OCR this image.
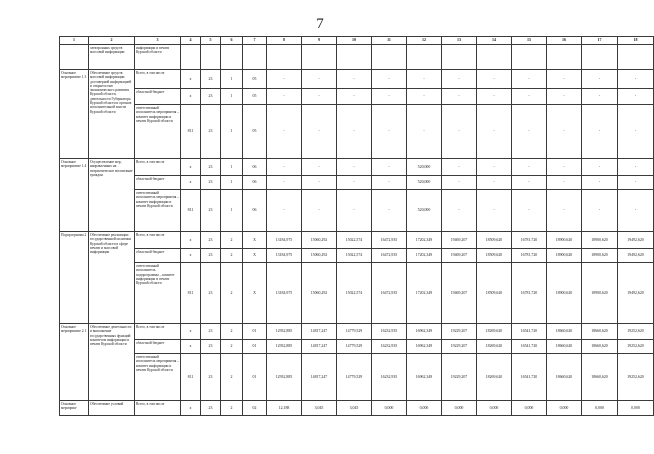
7
1	2	3	4	5	6	7	8	9	10	11	12	13	14	15	16	17	18
	электронных средств массовой информации	информации и печати Курской области															
Основное мероприятие 1.3	Обеспечение средств массовой информации достоверной информацией и открытостью экономического развития Курской области, деятельности Губернатора Курской области и органов исполнительной власти Курской области	Всего, в том числе	х	23	1	05	-	-	-	-	-	-	-	-	-	-	-
		областной бюджет	х	23	1	05	-	-	-	-	-	-	-	-	-	-	-
		ответственный исполнитель мероприятия – комитет информации и печати Курской области	811	23	1	05	-	-	-	-	-	-	-	-	-	-	-
Основное мероприятие 1.4	Осуществление мер, направленных на патриотическое воспитание граждан	Всего, в том числе	х	23	1	06	-	-	-	-	520,000	-	-	-	-	-	-
		областной бюджет	х	23	1	06	-	-	-	-	520,000	-	-	-	-	-	-
		ответственный исполнитель мероприятия – комитет информации и печати Курской области	811	23	1	06	-	-	-	-	520,000	-	-	-	-	-	-
Подпрограмма 2	Обеспечение реализации государственной политики Курской области в сфере печати и массовой информации	Всего, в том числе	х	23	2	Х	13184,975	15060,292	15022,574	16472,935	17202,349	19469,207	18509,620	16781,720	18900,620	18900,620	19492,620
		областной бюджет	х	23	2	Х	13184,975	15060,292	15022,574	16472,935	17202,349	19469,207	18509,620	16781,720	18900,620	18900,620	19492,620
		ответственный исполнитель подпрограммы – комитет информации и печати Курской области	811	23	2	Х	13184,975	15060,292	15022,574	16472,935	17202,349	19469,207	18509,620	16781,720	18900,620	18900,620	19492,620
Основное мероприятие 2.1	Обеспечение деятельности и выполнение государственных функций комитетом информации и печати Курской области	Всего, в том числе	х	23	2	01	12932,885	14817,247	14779,529	16232,935	16962,349	19229,207	18269,620	16541,720	18660,620	18660,620	19252,620
		областной бюджет	х	23	2	01	12932,885	14817,247	14779,529	16232,935	16962,349	19229,207	18269,620	16541,720	18660,620	18660,620	19252,620
		ответственный исполнитель мероприятия – комитет информации и печати Курской области	811	23	2	01	12932,885	14817,247	14779,529	16232,935	16962,349	19229,207	18269,620	16541,720	18660,620	18660,620	19252,620
Основное мероприя-	Обеспечение условий	Всего, в том числе	х	23	2	02	12,188	3,045	3,045	0,000	0,000	0,000	0,000	0,000	0,000	0,000	0,000
